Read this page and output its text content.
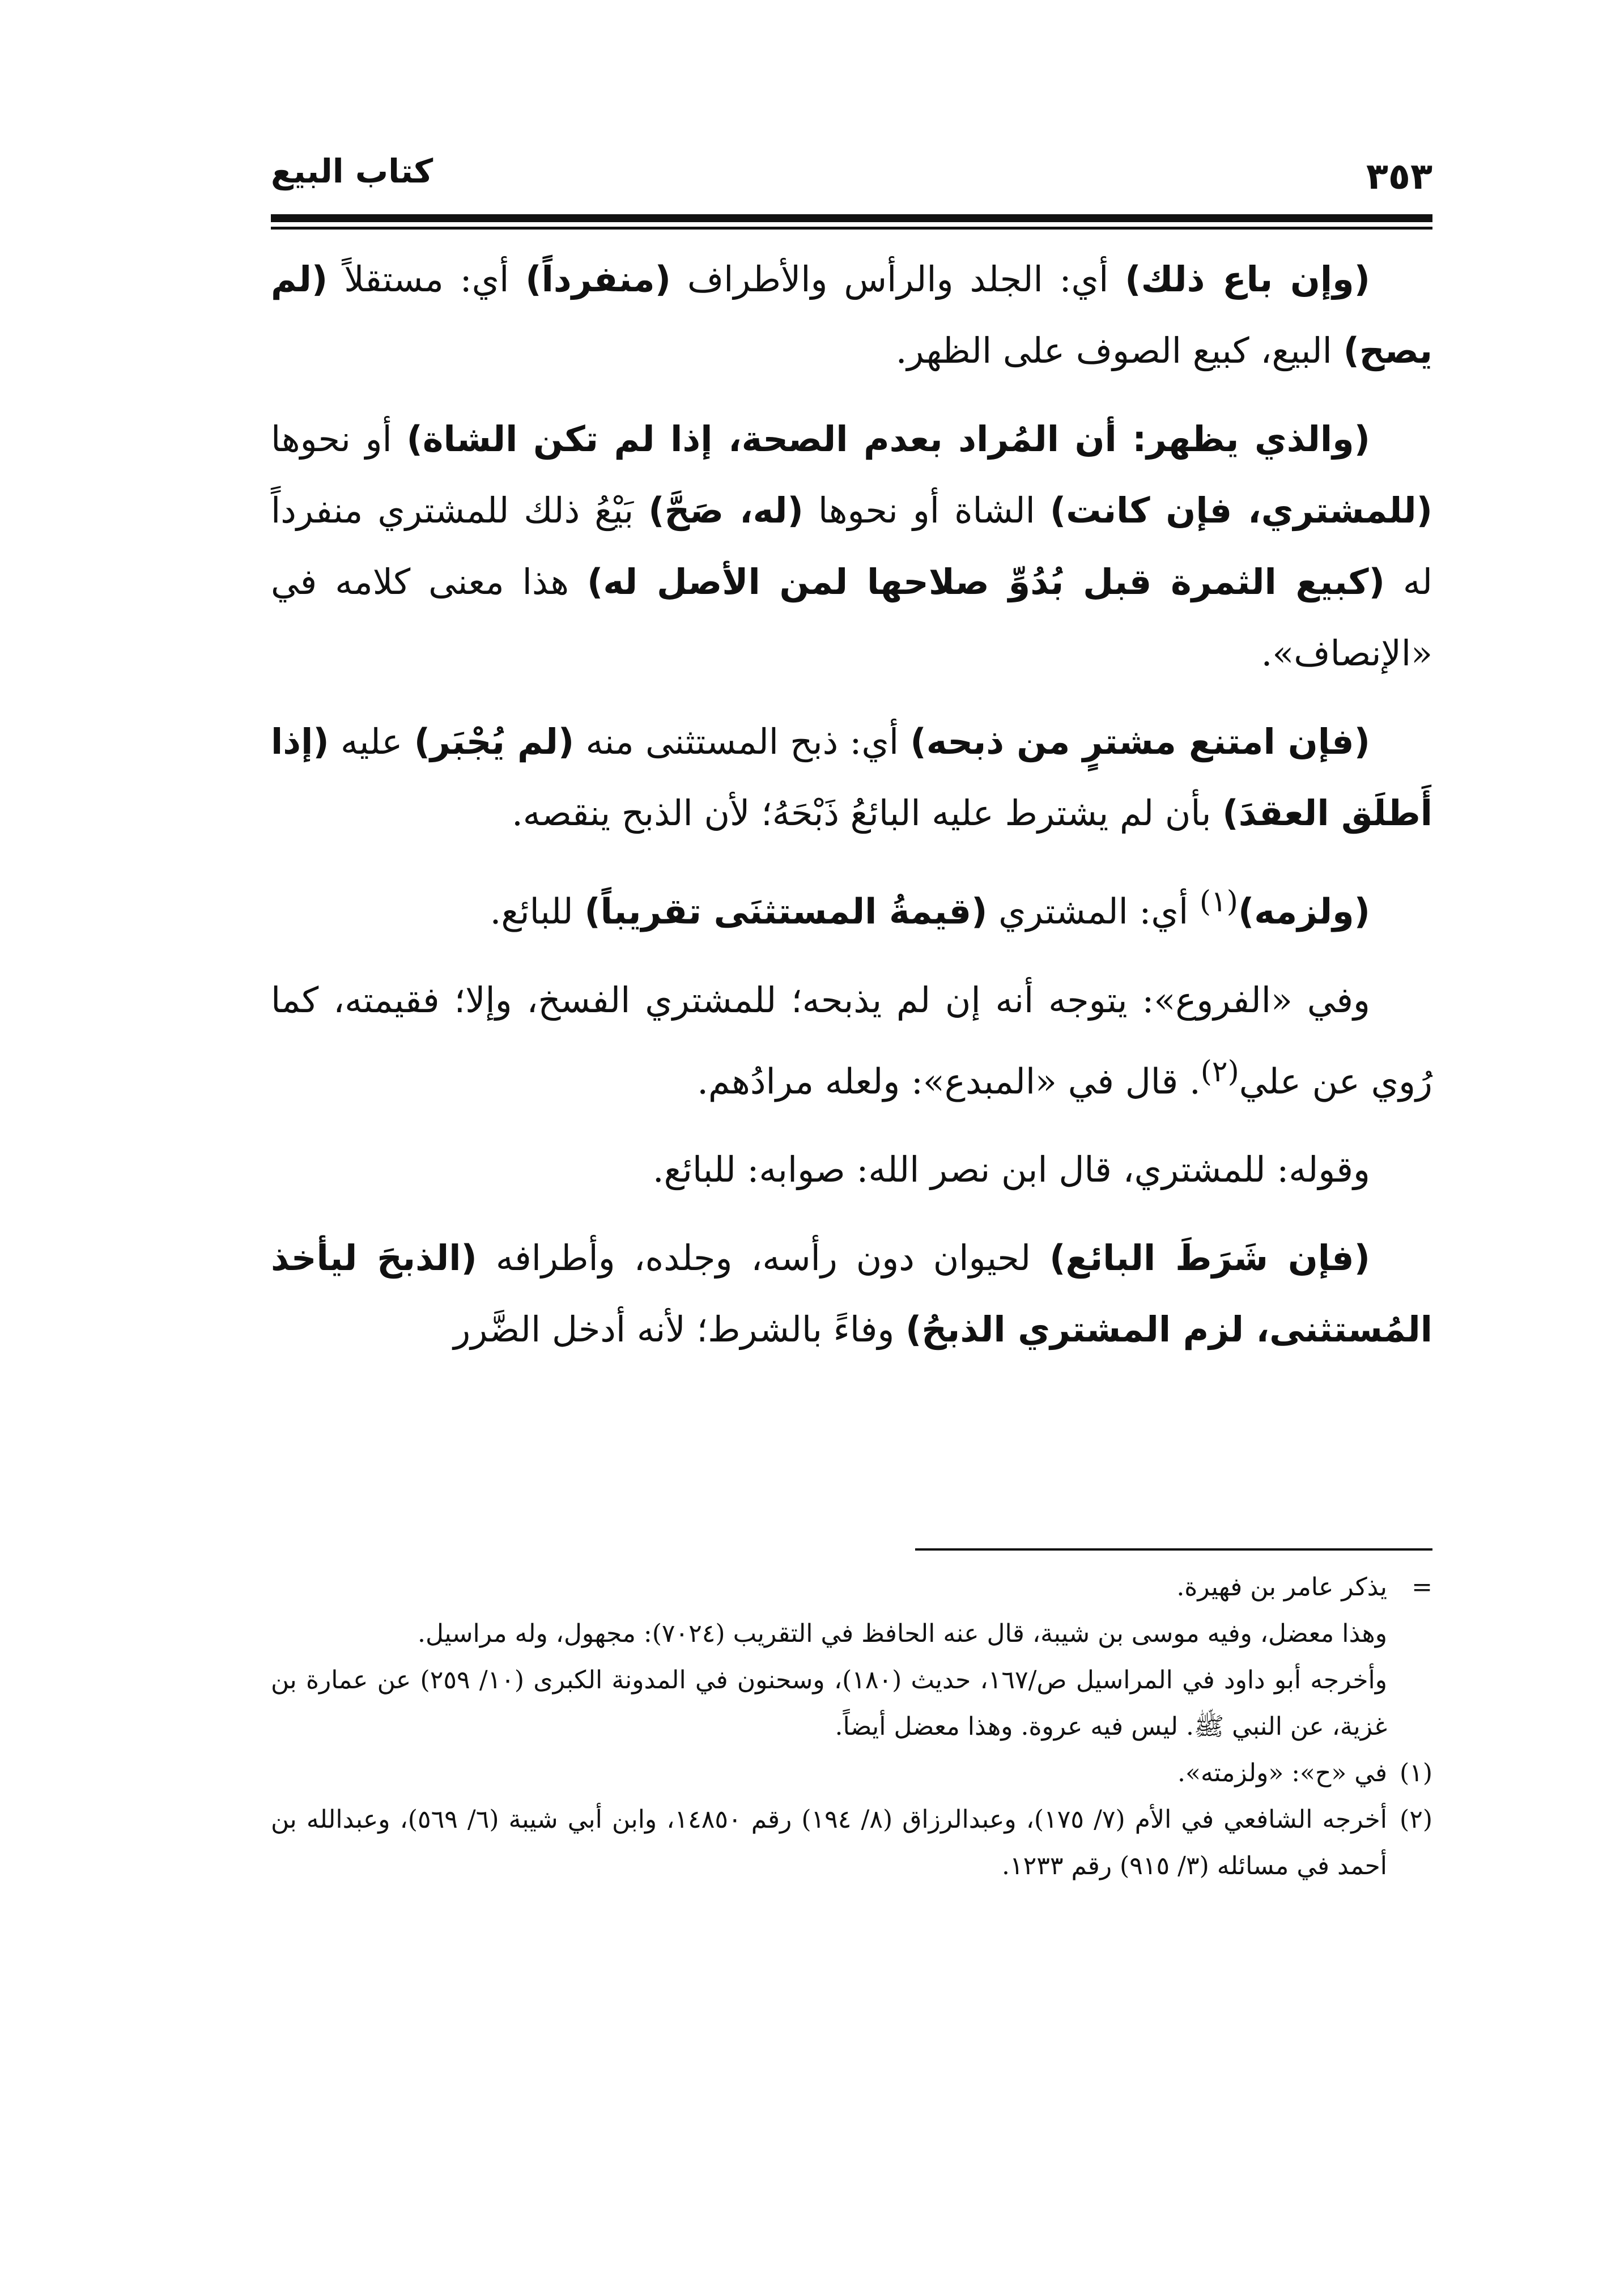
٣٥٣
كتاب البيع

(وإن باع ذلك) أي: الجلد والرأس والأطراف (منفرداً) أي: مستقلاً (لم يصح) البيع، كبيع الصوف على الظهر.

(والذي يظهر: أن المُراد بعدم الصحة، إذا لم تكن الشاة) أو نحوها (للمشتري، فإن كانت) الشاة أو نحوها (له، صَحَّ) بَيْعُ ذلك للمشتري منفرداً له (كبيع الثمرة قبل بُدُوِّ صلاحها لمن الأصل له) هذا معنى كلامه في «الإنصاف».

(فإن امتنع مشترٍ من ذبحه) أي: ذبح المستثنى منه (لم يُجْبَر) عليه (إذا أَطلَق العقدَ) بأن لم يشترط عليه البائعُ ذَبْحَهُ؛ لأن الذبح ينقصه.

(ولزمه)$^{(١)}$ أي: المشتري (قيمةُ المستثنَى تقريباً) للبائع.

وفي «الفروع»: يتوجه أنه إن لم يذبحه؛ للمشتري الفسخ، وإلا؛ فقيمته، كما رُوي عن علي$^{(٢)}$. قال في «المبدع»: ولعله مرادُهم.

وقوله: للمشتري، قال ابن نصر الله: صوابه: للبائع.

(فإن شَرَطَ البائع) لحيوان دون رأسه، وجلده، وأطرافه (الذبحَ ليأخذ المُستثنى، لزم المشتري الذبحُ) وفاءً بالشرط؛ لأنه أدخل الضَّرر

=

يذكر عامر بن فهيرة.

وهذا معضل، وفيه موسى بن شيبة، قال عنه الحافظ في التقريب (٧٠٢٤): مجهول، وله مراسيل.

وأخرجه أبو داود في المراسيل ص/١٦٧، حديث (١٨٠)، وسحنون في المدونة الكبرى (١٠/ ٢٥٩) عن عمارة بن غزية، عن النبي ﷺ. ليس فيه عروة. وهذا معضل أيضاً.

(١)

في «ح»: «ولزمته».

(٢)

أخرجه الشافعي في الأم (٧/ ١٧٥)، وعبدالرزاق (٨/ ١٩٤) رقم ١٤٨٥٠، وابن أبي شيبة (٦/ ٥٦٩)، وعبدالله بن أحمد في مسائله (٣/ ٩١٥) رقم ١٢٣٣.
